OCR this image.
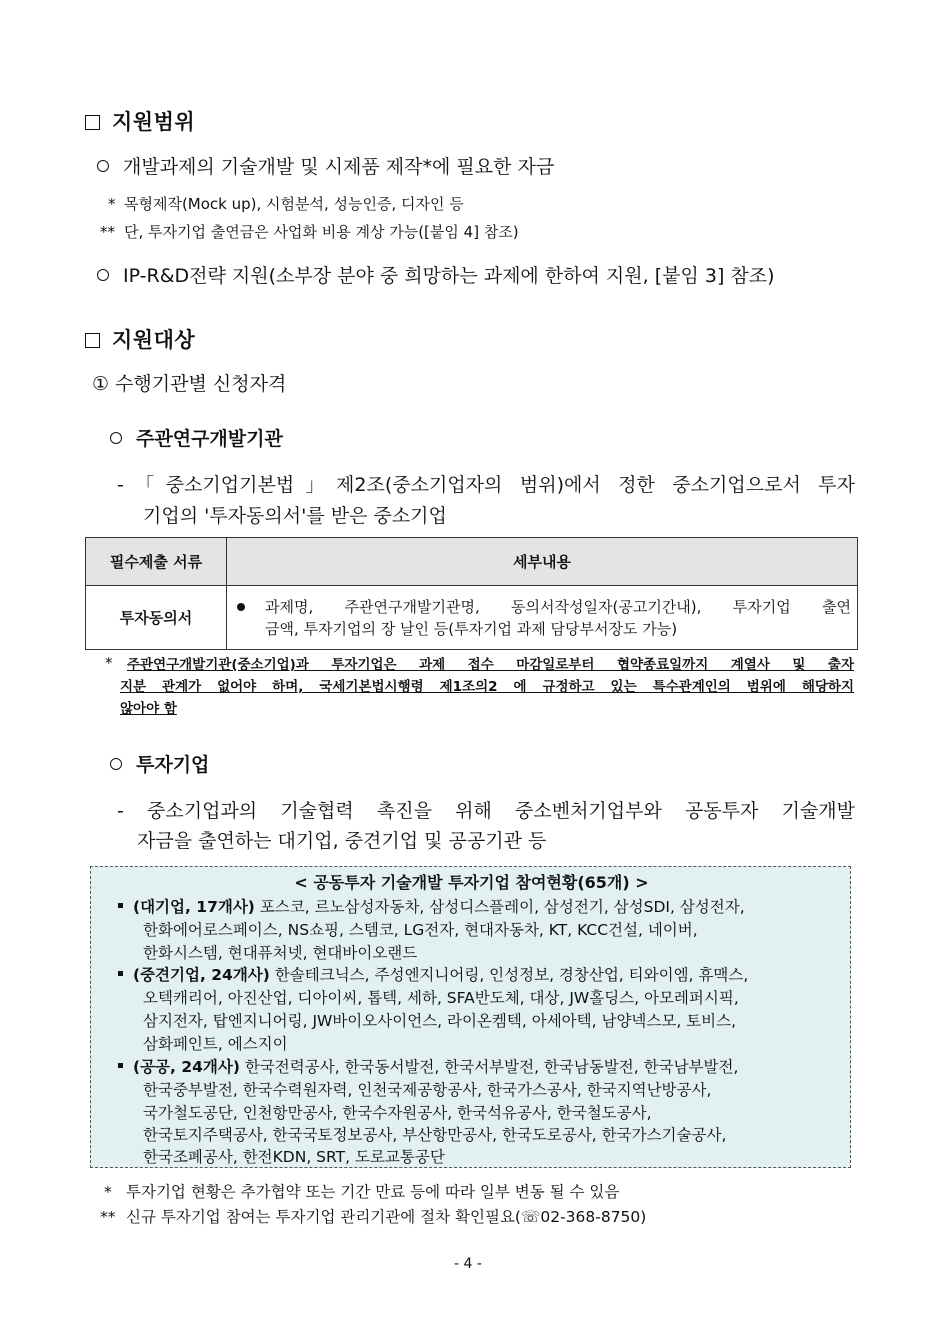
지원범위
개발과제의 기술개발 및 시제품 제작*에 필요한 자금
* 목형제작(Mock up), 시험분석, 성능인증, 디자인 등
** 단, 투자기업 출연금은 사업화 비용 계상 가능([붙임 4] 참조)
IP-R&D전략 지원(소부장 분야 중 희망하는 과제에 한하여 지원, [붙임 3] 참조)
지원대상
① 수행기관별 신청자격
주관연구개발기관
-「중소기업기본법」제2조(중소기업자의 범위)에서 정한 중소기업으로서 투자
기업의 '투자동의서'를 받은 중소기업
필수제출 서류	세부내용
투자동의서	과제명, 주관연구개발기관명, 동의서작성일자(공고기간내), 투자기업 출연
금액, 투자기업의 장 날인 등(투자기업 과제 담당부서장도 가능)
* 주관연구개발기관(중소기업)과 투자기업은 과제 접수 마감일로부터 협약종료일까지 계열사 및 출자
지분 관계가 없어야 하며, 국세기본법시행령 제1조의2 에 규정하고 있는 특수관계인의 범위에 해당하지
않아야 함
투자기업
- 중소기업과의 기술협력 촉진을 위해 중소벤처기업부와 공동투자 기술개발
자금을 출연하는 대기업, 중견기업 및 공공기관 등
< 공동투자 기술개발 투자기업 참여현황(65개) >
(대기업, 17개사) 포스코, 르노삼성자동차, 삼성디스플레이, 삼성전기, 삼성SDI, 삼성전자,
한화에어로스페이스, NS쇼핑, 스템코, LG전자, 현대자동차, KT, KCC건설, 네이버,
한화시스템, 현대퓨처넷, 현대바이오랜드
(중견기업, 24개사) 한솔테크닉스, 주성엔지니어링, 인성정보, 경창산업, 티와이엠, 휴맥스,
오텍캐리어, 아진산업, 디아이씨, 톱텍, 세하, SFA반도체, 대상, JW홀딩스, 아모레퍼시픽,
삼지전자, 탑엔지니어링, JW바이오사이언스, 라이온켐텍, 아세아텍, 남양넥스모, 토비스,
삼화페인트, 에스지이
(공공, 24개사) 한국전력공사, 한국동서발전, 한국서부발전, 한국남동발전, 한국남부발전,
한국중부발전, 한국수력원자력, 인천국제공항공사, 한국가스공사, 한국지역난방공사,
국가철도공단, 인천항만공사, 한국수자원공사, 한국석유공사, 한국철도공사,
한국토지주택공사, 한국국토정보공사, 부산항만공사, 한국도로공사, 한국가스기술공사,
한국조폐공사, 한전KDN, SRT, 도로교통공단
* 투자기업 현황은 추가협약 또는 기간 만료 등에 따라 일부 변동 될 수 있음
** 신규 투자기업 참여는 투자기업 관리기관에 절차 확인필요(☏02-368-8750)
- 4 -
